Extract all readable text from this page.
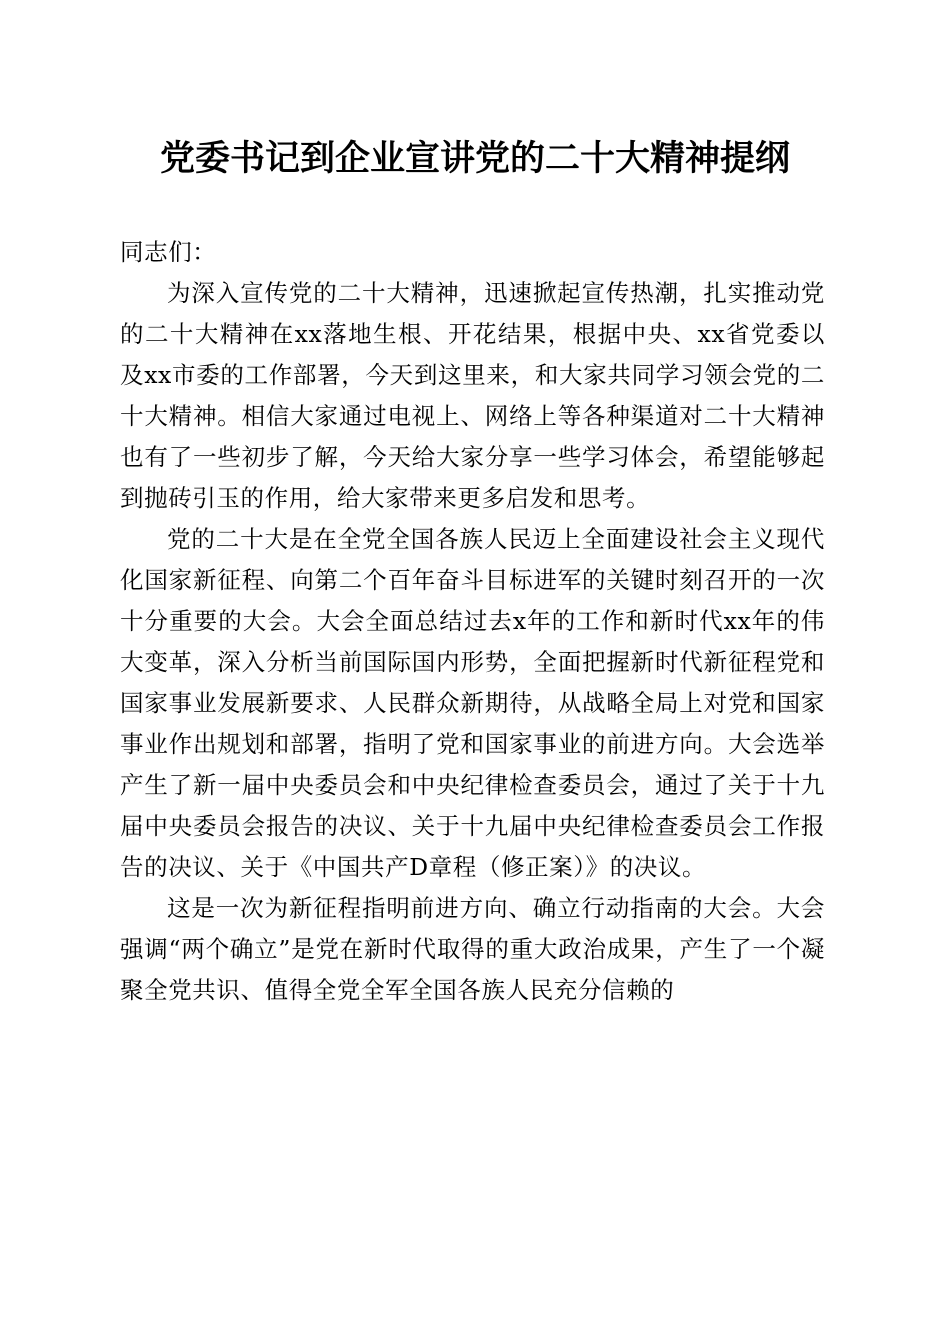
党委书记到企业宣讲党的二十大精神提纲

同志们：

为深入宣传党的二十大精神，迅速掀起宣传热潮，扎实推动党的二十大精神在xx落地生根、开花结果，根据中央、xx省党委以及xx市委的工作部署，今天到这里来，和大家共同学习领会党的二十大精神。相信大家通过电视上、网络上等各种渠道对二十大精神也有了一些初步了解，今天给大家分享一些学习体会，希望能够起到抛砖引玉的作用，给大家带来更多启发和思考。

党的二十大是在全党全国各族人民迈上全面建设社会主义现代化国家新征程、向第二个百年奋斗目标进军的关键时刻召开的一次十分重要的大会。大会全面总结过去x年的工作和新时代xx年的伟大变革，深入分析当前国际国内形势，全面把握新时代新征程党和国家事业发展新要求、人民群众新期待，从战略全局上对党和国家事业作出规划和部署，指明了党和国家事业的前进方向。大会选举产生了新一届中央委员会和中央纪律检查委员会，通过了关于十九届中央委员会报告的决议、关于十九届中央纪律检查委员会工作报告的决议、关于《中国共产D章程（修正案）》的决议。

这是一次为新征程指明前进方向、确立行动指南的大会。大会强调“两个确立”是党在新时代取得的重大政治成果，产生了一个凝聚全党共识、值得全党全军全国各族人民充分信赖的
